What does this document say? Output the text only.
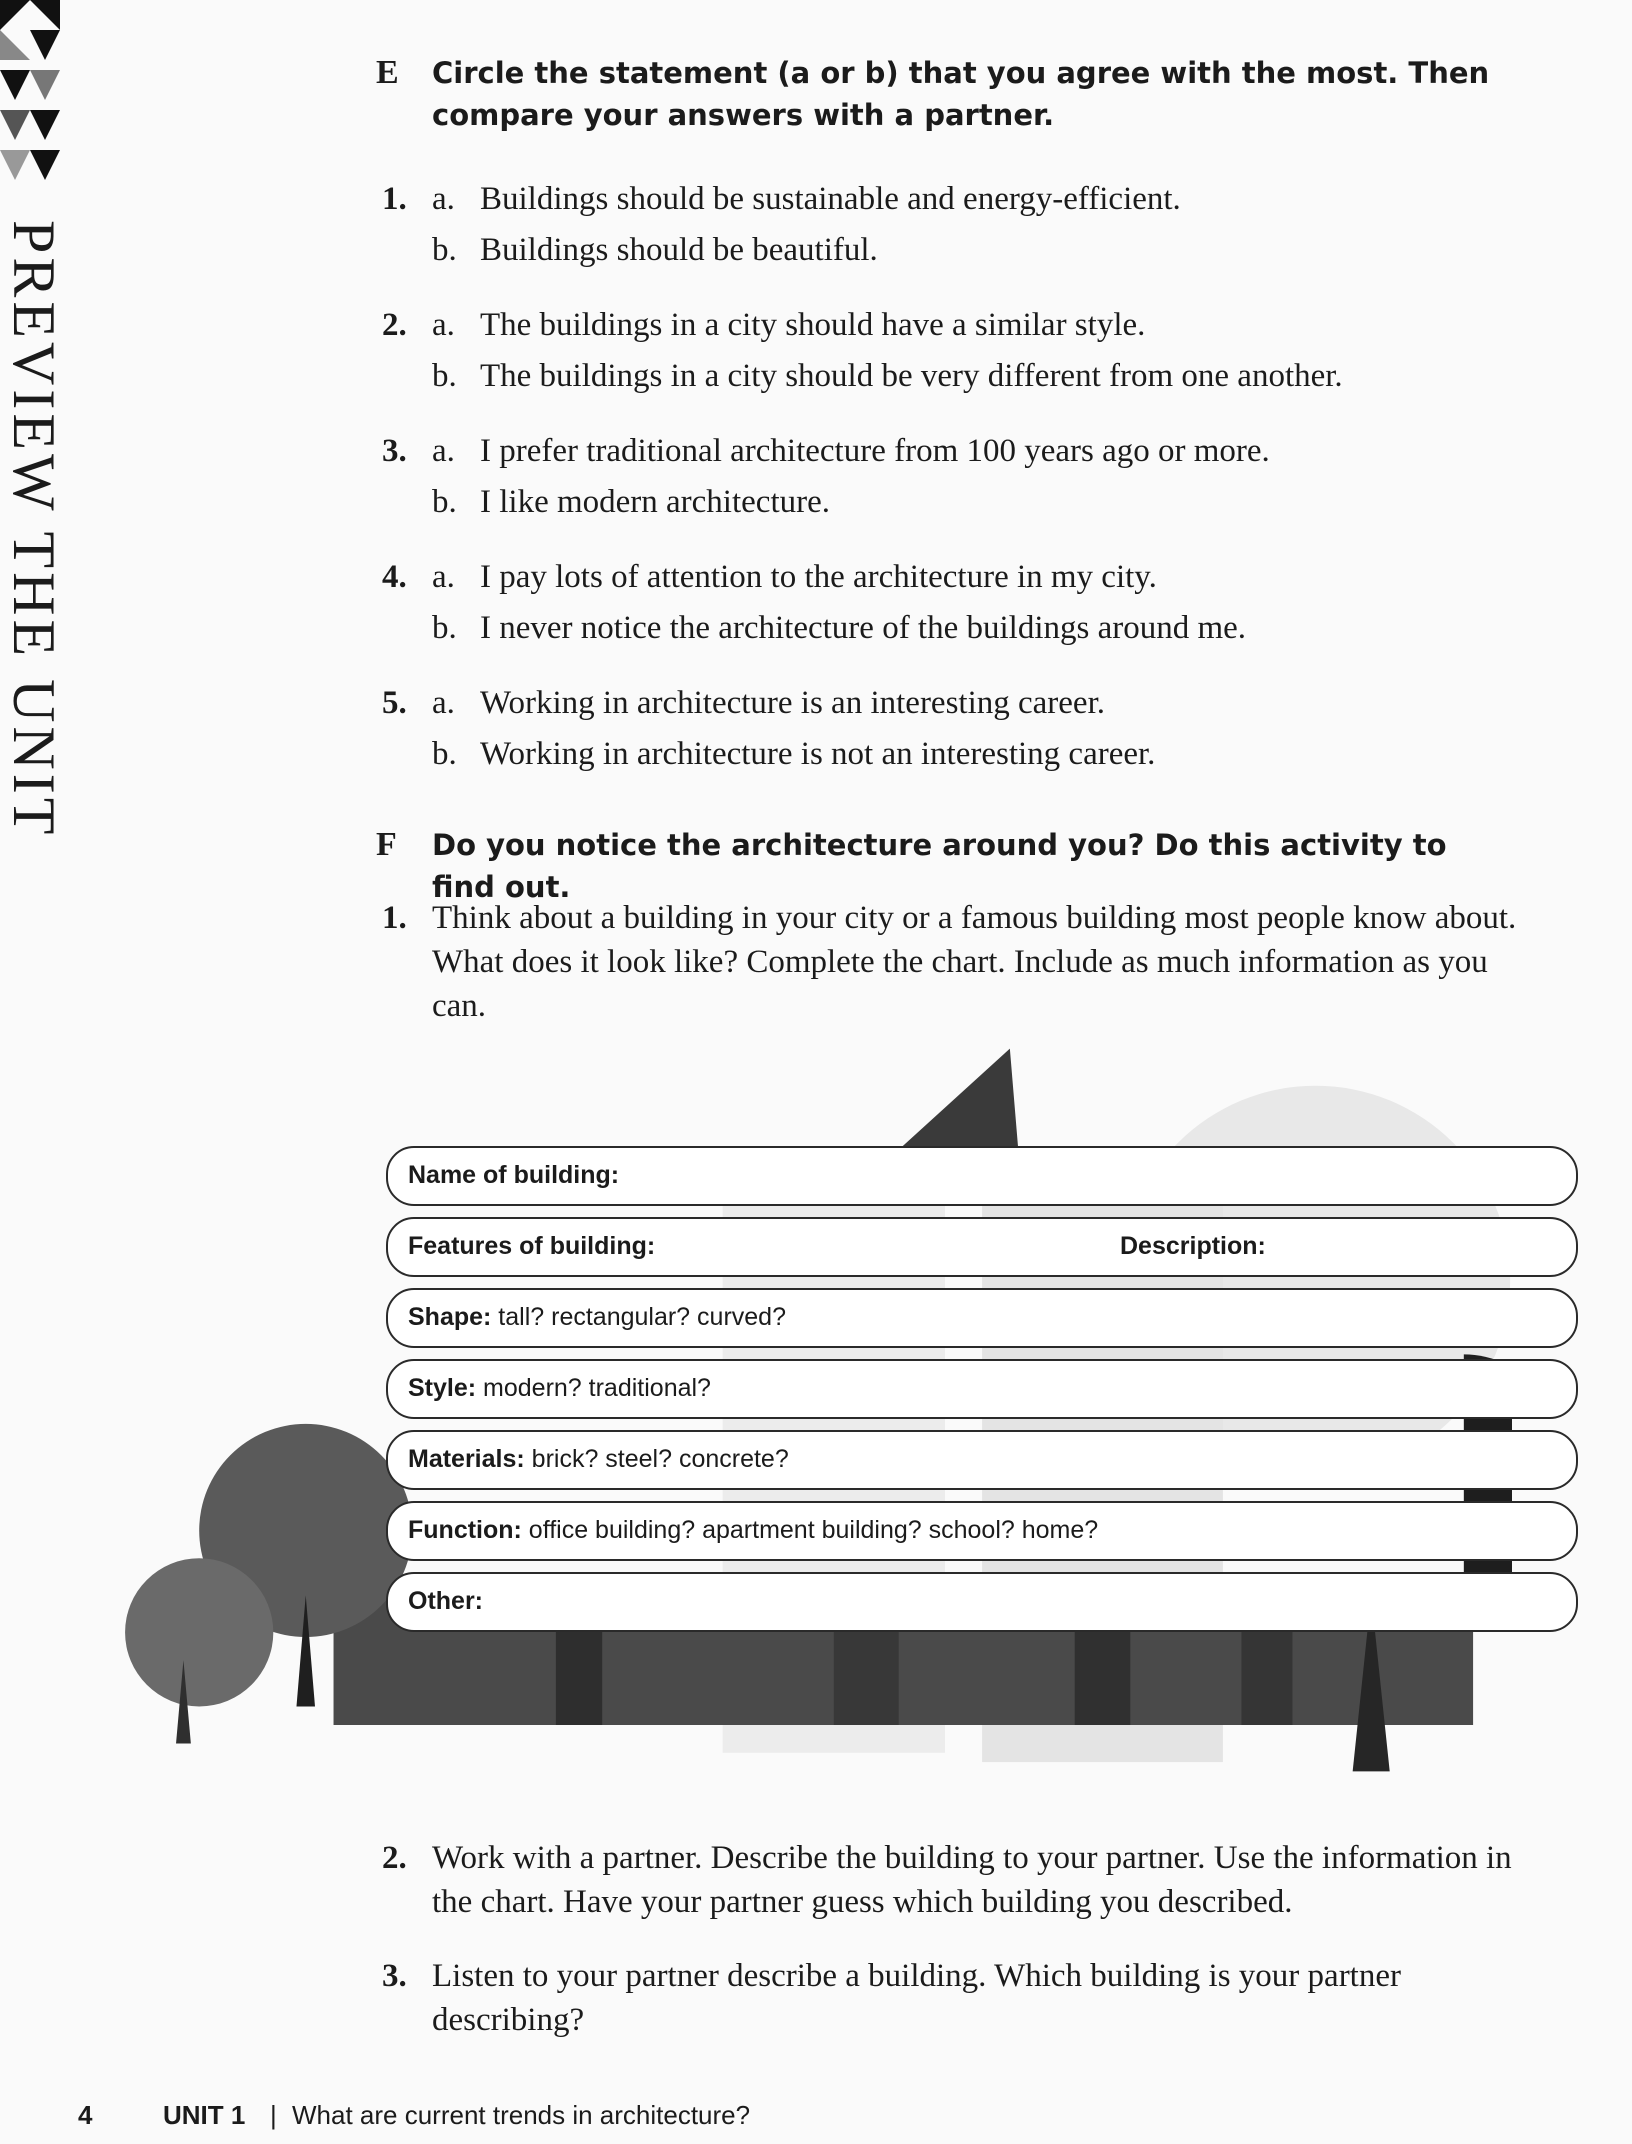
PREVIEW THE UNIT
E Circle the statement (a or b) that you agree with the most. Then compare your answers with a partner.
1. a. Buildings should be sustainable and energy-efficient.
b. Buildings should be beautiful.
2. a. The buildings in a city should have a similar style.
b. The buildings in a city should be very different from one another.
3. a. I prefer traditional architecture from 100 years ago or more.
b. I like modern architecture.
4. a. I pay lots of attention to the architecture in my city.
b. I never notice the architecture of the buildings around me.
5. a. Working in architecture is an interesting career.
b. Working in architecture is not an interesting career.
F Do you notice the architecture around you? Do this activity to find out.
1. Think about a building in your city or a famous building most people know about. What does it look like? Complete the chart. Include as much information as you can.
Name of building:
Features of building:	Description:
Shape: tall? rectangular? curved?
Style: modern? traditional?
Materials: brick? steel? concrete?
Function: office building? apartment building? school? home?
Other:
2. Work with a partner. Describe the building to your partner. Use the information in the chart. Have your partner guess which building you described.
3. Listen to your partner describe a building. Which building is your partner describing?
4	UNIT 1 | What are current trends in architecture?
